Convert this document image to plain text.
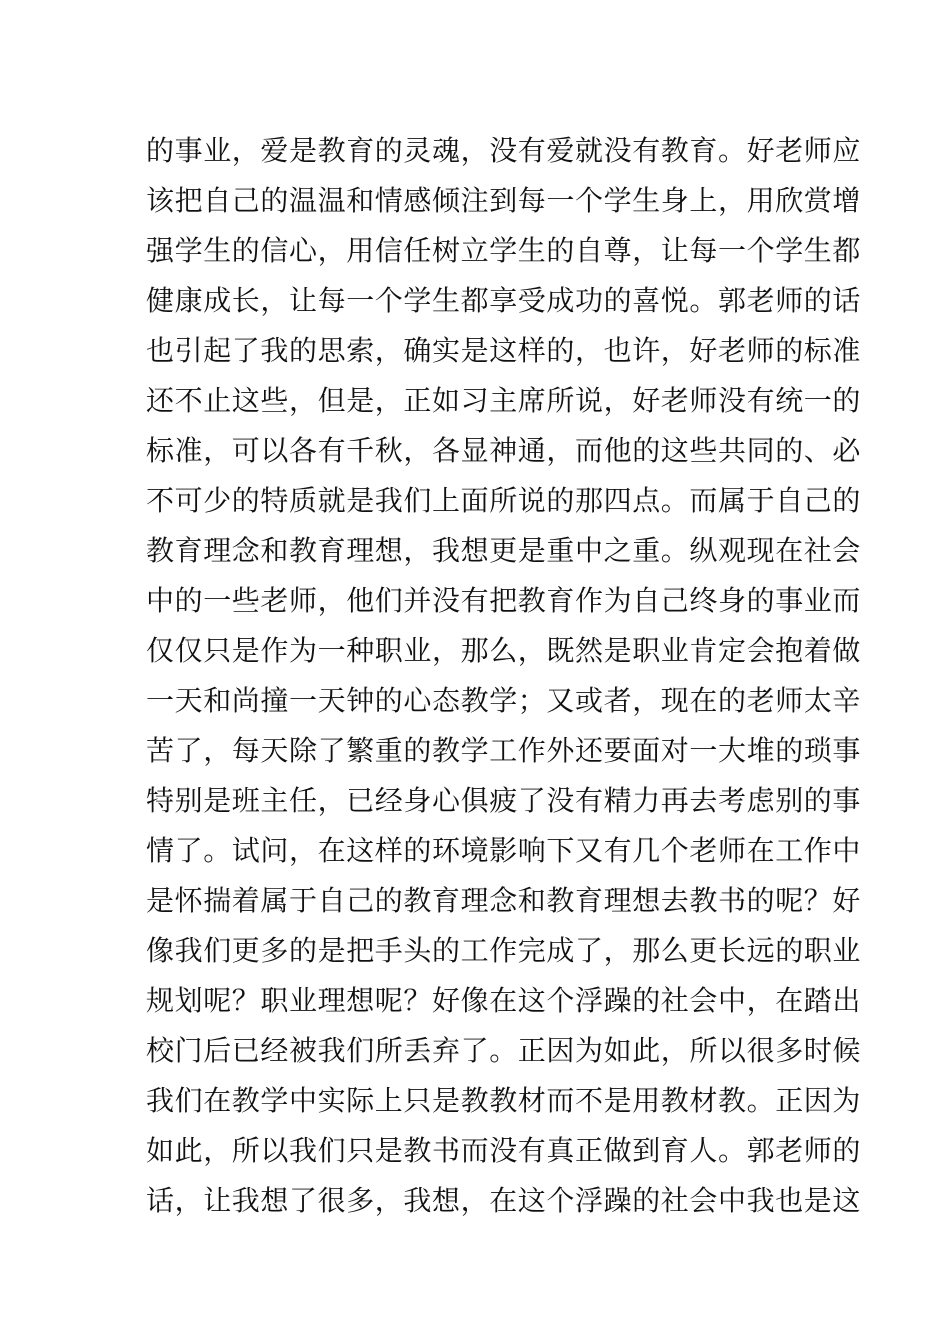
的事业，爱是教育的灵魂，没有爱就没有教育。好老师应
该把自己的温温和情感倾注到每一个学生身上，用欣赏增
强学生的信心，用信任树立学生的自尊，让每一个学生都
健康成长，让每一个学生都享受成功的喜悦。郭老师的话
也引起了我的思索，确实是这样的，也许，好老师的标准
还不止这些，但是，正如习主席所说，好老师没有统一的
标准，可以各有千秋，各显神通，而他的这些共同的、必
不可少的特质就是我们上面所说的那四点。而属于自己的
教育理念和教育理想，我想更是重中之重。纵观现在社会
中的一些老师，他们并没有把教育作为自己终身的事业而
仅仅只是作为一种职业，那么，既然是职业肯定会抱着做
一天和尚撞一天钟的心态教学；又或者，现在的老师太辛
苦了，每天除了繁重的教学工作外还要面对一大堆的琐事
特别是班主任，已经身心俱疲了没有精力再去考虑别的事
情了。试问，在这样的环境影响下又有几个老师在工作中
是怀揣着属于自己的教育理念和教育理想去教书的呢？好
像我们更多的是把手头的工作完成了，那么更长远的职业
规划呢？职业理想呢？好像在这个浮躁的社会中，在踏出
校门后已经被我们所丢弃了。正因为如此，所以很多时候
我们在教学中实际上只是教教材而不是用教材教。正因为
如此，所以我们只是教书而没有真正做到育人。郭老师的
话，让我想了很多，我想，在这个浮躁的社会中我也是这
